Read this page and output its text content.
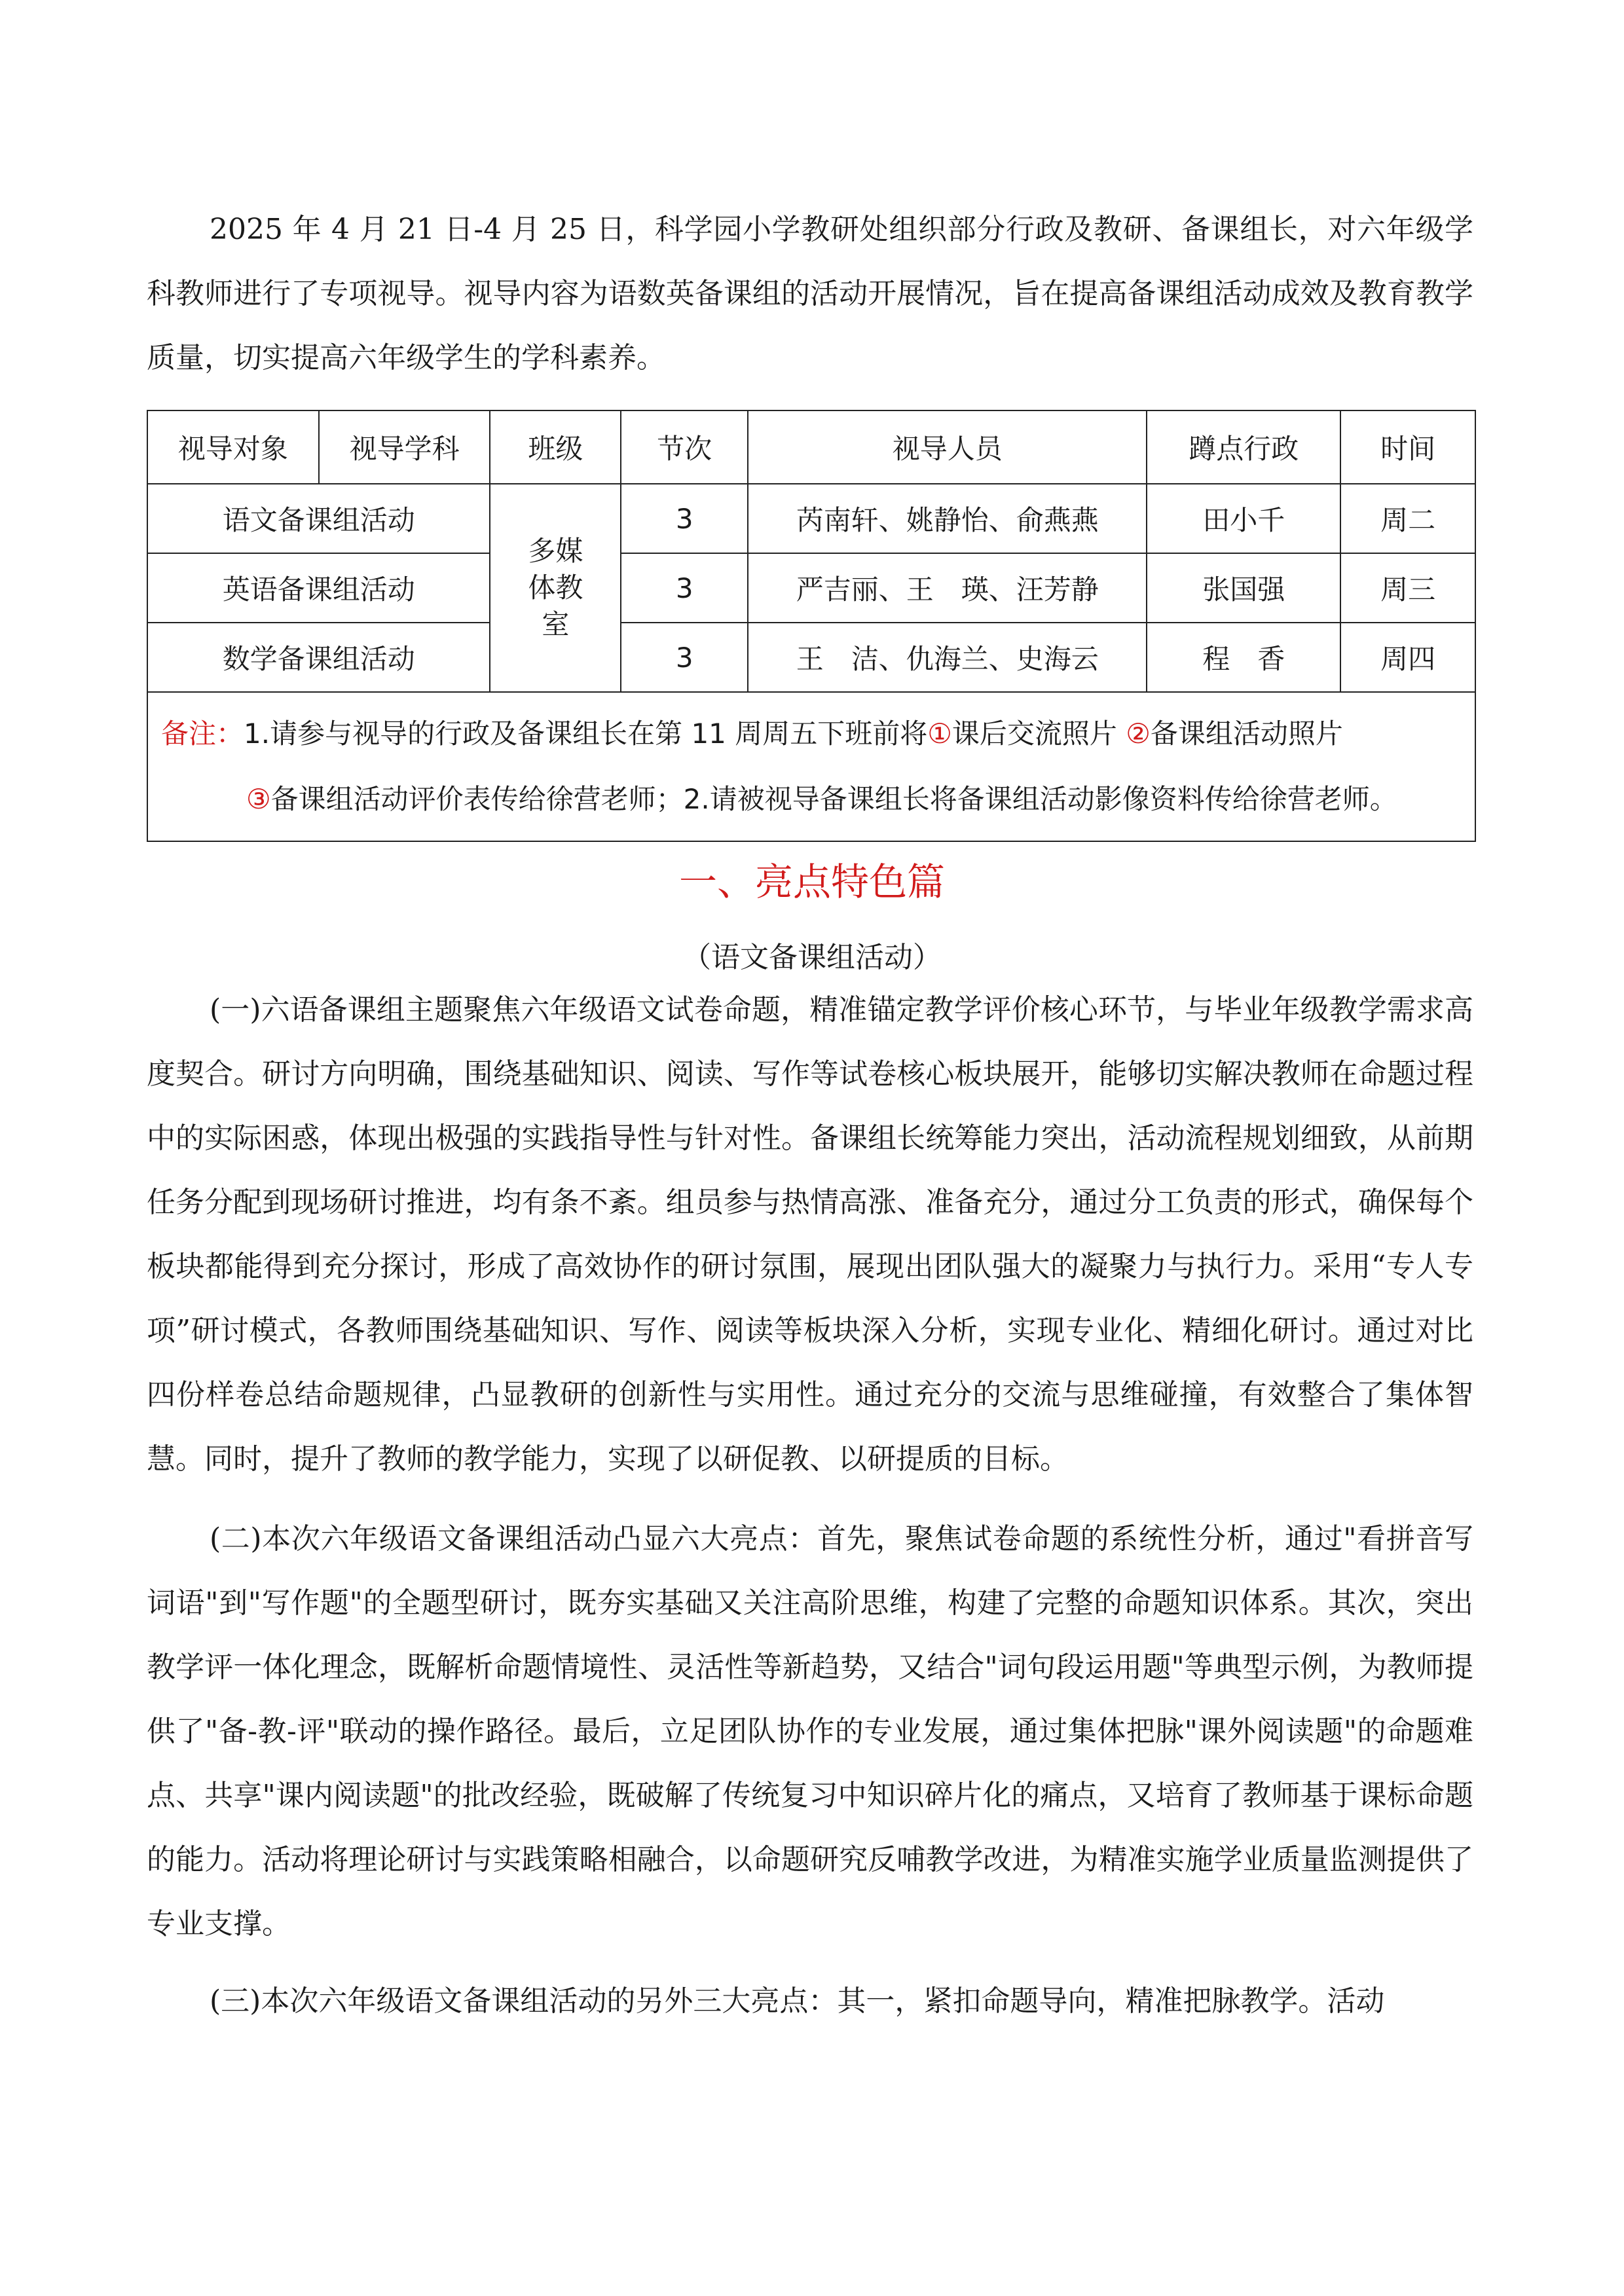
2025 年 4 月 21 日-4 月 25 日，科学园小学教研处组织部分行政及教研、备课组长，对六年级学科教师进行了专项视导。视导内容为语数英备课组的活动开展情况，旨在提高备课组活动成效及教育教学质量，切实提高六年级学生的学科素养。

视导对象	视导学科	班级	节次	视导人员	蹲点行政	时间
语文备课组活动		多媒体教室	3	芮南轩、姚静怡、俞燕燕	田小千	周二
英语备课组活动			3	严吉丽、王　瑛、汪芳静	张国强	周三
数学备课组活动			3	王　洁、仇海兰、史海云	程　香	周四
备注：1.请参与视导的行政及备课组长在第 11 周周五下班前将①课后交流照片 ②备课组活动照片
③备课组活动评价表传给徐营老师；2.请被视导备课组长将备课组活动影像资料传给徐营老师。						
一、亮点特色篇

（语文备课组活动）

(一)六语备课组主题聚焦六年级语文试卷命题，精准锚定教学评价核心环节，与毕业年级教学需求高度契合。研讨方向明确，围绕基础知识、阅读、写作等试卷核心板块展开，能够切实解决教师在命题过程中的实际困惑，体现出极强的实践指导性与针对性。备课组长统筹能力突出，活动流程规划细致，从前期任务分配到现场研讨推进，均有条不紊。组员参与热情高涨、准备充分，通过分工负责的形式，确保每个板块都能得到充分探讨，形成了高效协作的研讨氛围，展现出团队强大的凝聚力与执行力。采用“专人专项”研讨模式，各教师围绕基础知识、写作、阅读等板块深入分析，实现专业化、精细化研讨。通过对比四份样卷总结命题规律，凸显教研的创新性与实用性。通过充分的交流与思维碰撞，有效整合了集体智慧。同时，提升了教师的教学能力，实现了以研促教、以研提质的目标。

(二)本次六年级语文备课组活动凸显六大亮点：首先，聚焦试卷命题的系统性分析，通过"看拼音写词语"到"写作题"的全题型研讨，既夯实基础又关注高阶思维，构建了完整的命题知识体系。其次，突出教学评一体化理念，既解析命题情境性、灵活性等新趋势，又结合"词句段运用题"等典型示例，为教师提供了"备-教-评"联动的操作路径。最后，立足团队协作的专业发展，通过集体把脉"课外阅读题"的命题难点、共享"课内阅读题"的批改经验，既破解了传统复习中知识碎片化的痛点，又培育了教师基于课标命题的能力。活动将理论研讨与实践策略相融合，以命题研究反哺教学改进，为精准实施学业质量监测提供了专业支撑。

(三)本次六年级语文备课组活动的另外三大亮点：其一，紧扣命题导向，精准把脉教学。活动
